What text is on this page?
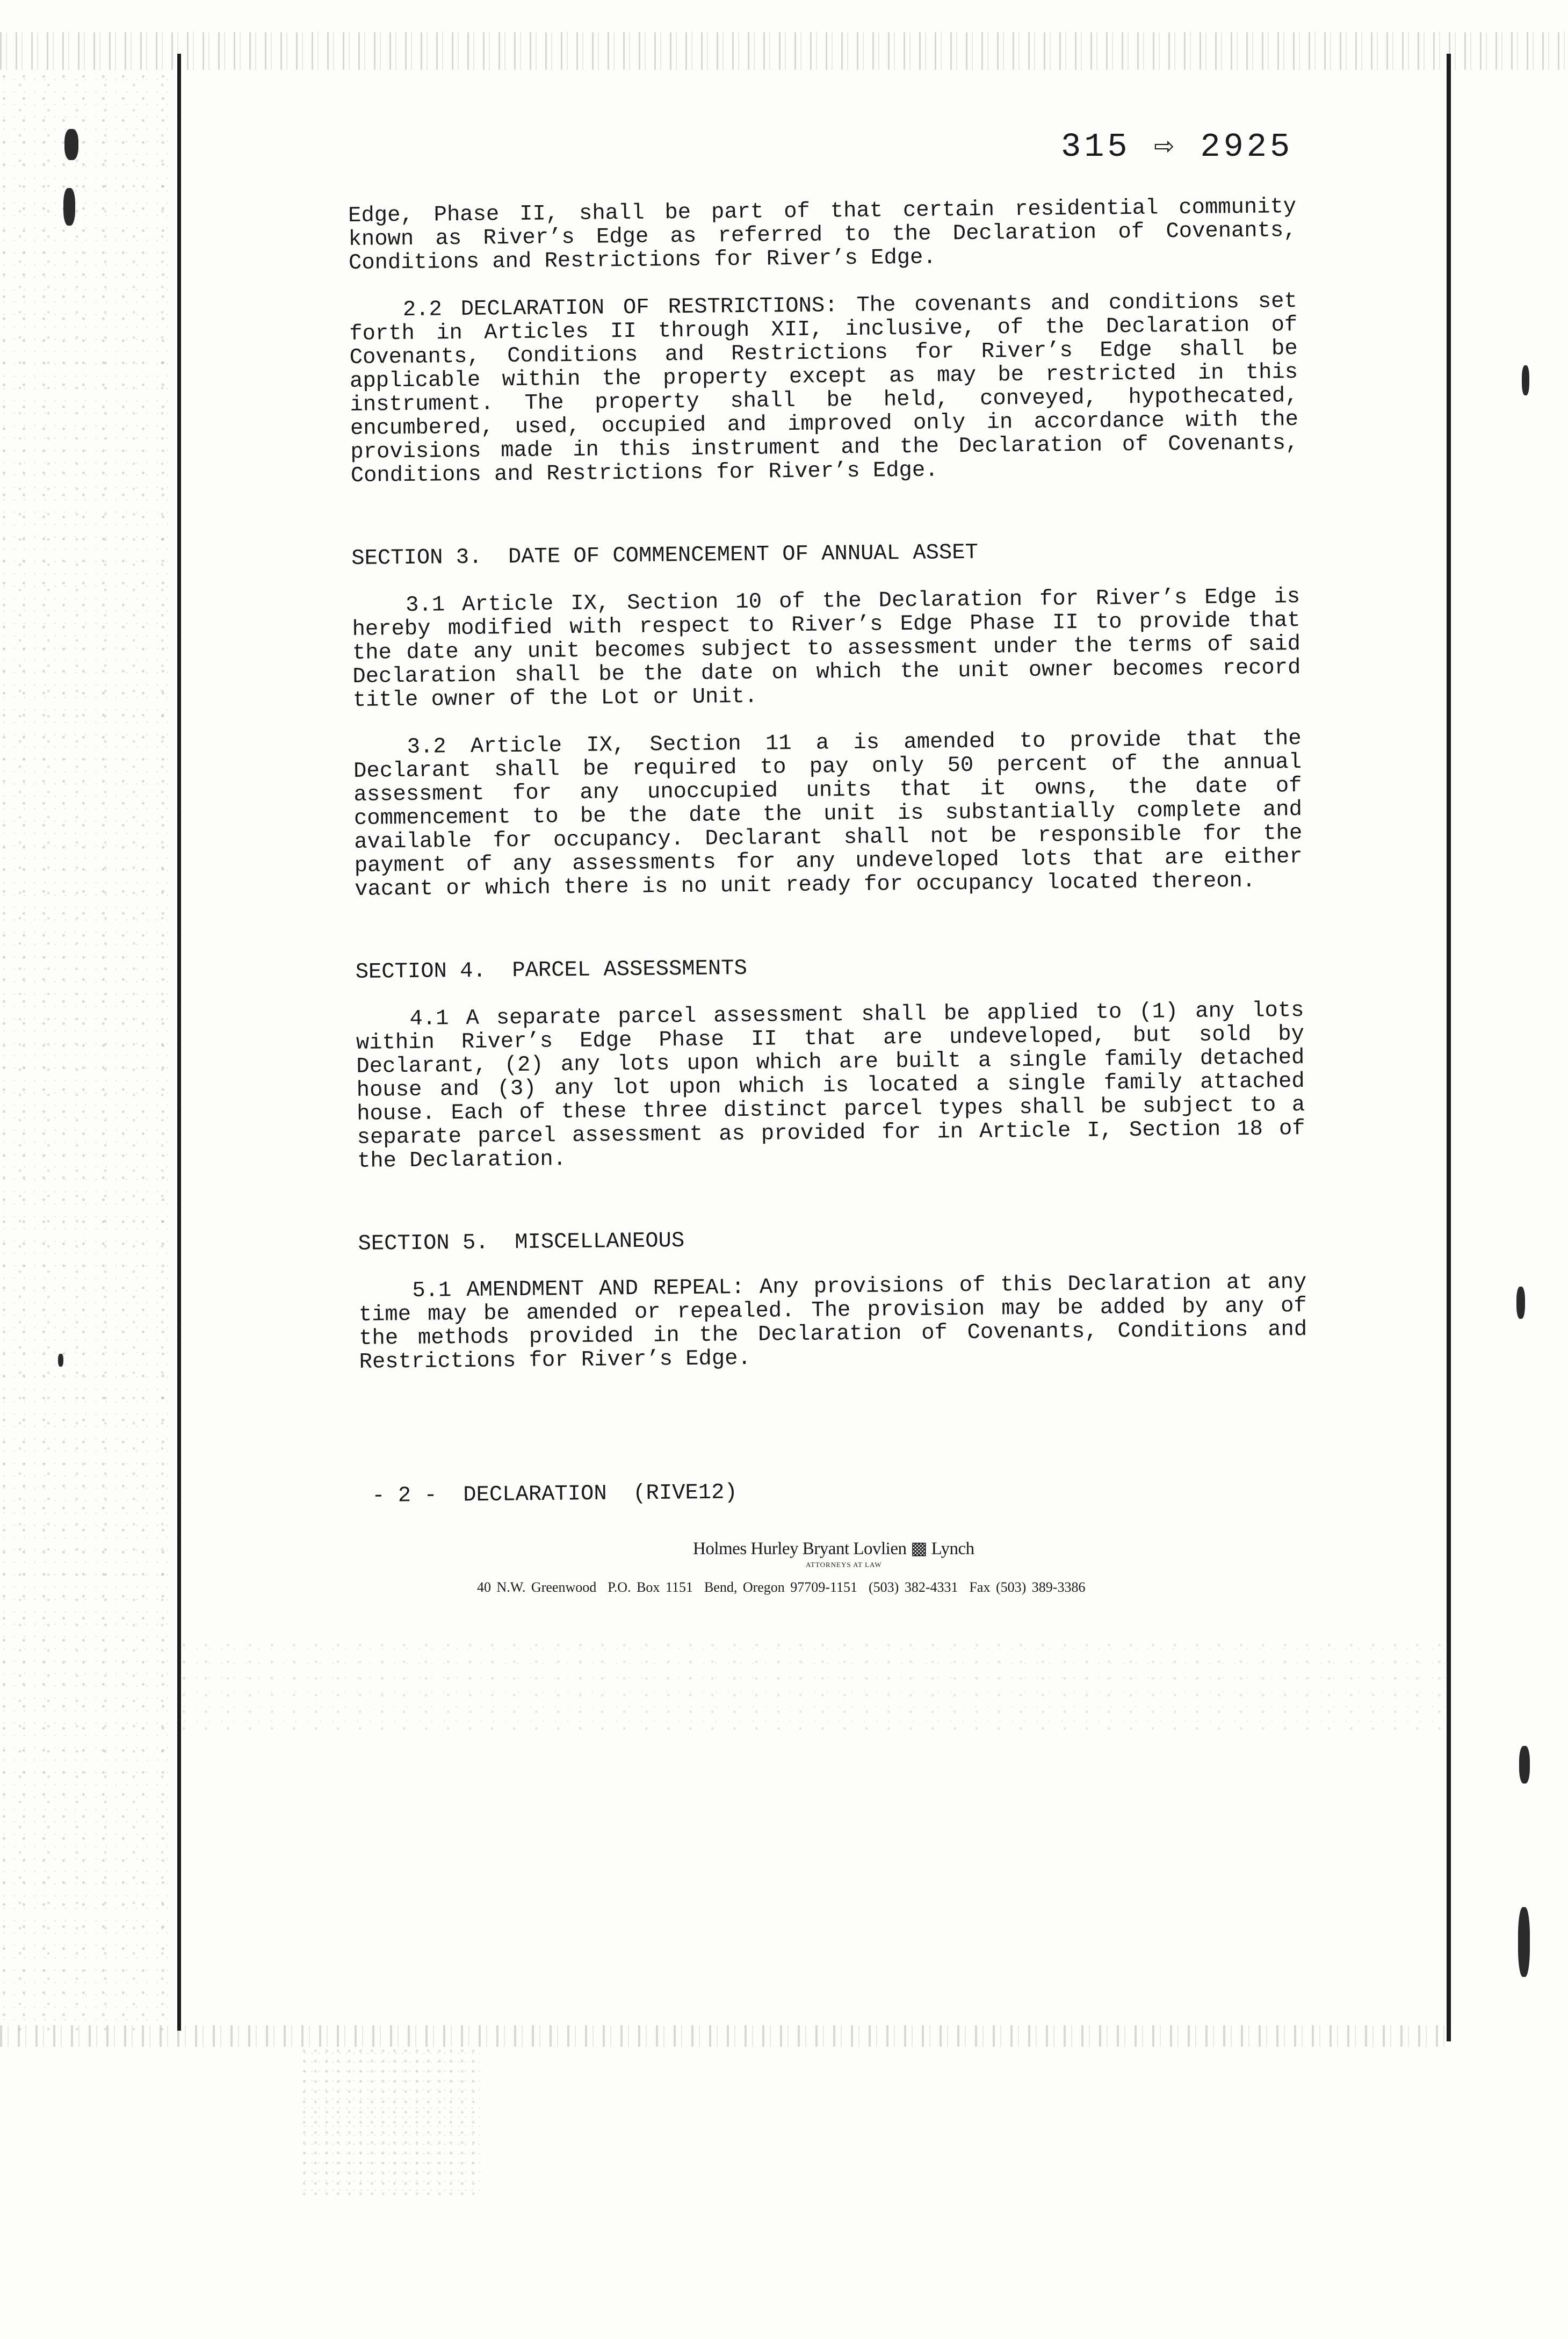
315 ⇨ 2925

Edge, Phase II, shall be part of that certain residential community known as River’s Edge as referred to the Declaration of Covenants, Conditions and Restrictions for River’s Edge.

2.2 DECLARATION OF RESTRICTIONS: The covenants and conditions set forth in Articles II through XII, inclusive, of the Declaration of Covenants, Conditions and Restrictions for River’s Edge shall be applicable within the property except as may be restricted in this instrument. The property shall be held, conveyed, hypothecated, encumbered, used, occupied and improved only in accordance with the provisions made in this instrument and the Declaration of Covenants, Conditions and Restrictions for River’s Edge.

SECTION 3.  DATE OF COMMENCEMENT OF ANNUAL ASSET

3.1 Article IX, Section 10 of the Declaration for River’s Edge is hereby modified with respect to River’s Edge Phase II to provide that the date any unit becomes subject to assessment under the terms of said Declaration shall be the date on which the unit owner becomes record title owner of the Lot or Unit.

3.2 Article IX, Section 11 a is amended to provide that the Declarant shall be required to pay only 50 percent of the annual assessment for any unoccupied units that it owns, the date of commencement to be the date the unit is substantially complete and available for occupancy. Declarant shall not be responsible for the payment of any assessments for any undeveloped lots that are either vacant or which there is no unit ready for occupancy located thereon.

SECTION 4.  PARCEL ASSESSMENTS

4.1 A separate parcel assessment shall be applied to (1) any lots within River’s Edge Phase II that are undeveloped, but sold by Declarant, (2) any lots upon which are built a single family detached house and (3) any lot upon which is located a single family attached house. Each of these three distinct parcel types shall be subject to a separate parcel assessment as provided for in Article I, Section 18 of the Declaration.

SECTION 5.  MISCELLANEOUS

5.1 AMENDMENT AND REPEAL: Any provisions of this Declaration at any time may be amended or repealed. The provision may be added by any of the methods provided in the Declaration of Covenants, Conditions and Restrictions for River’s Edge.

- 2 -  DECLARATION  (RIVE12)
Holmes Hurley Bryant Lovlien ▩ Lynch
ATTORNEYS AT LAW
40 N.W. Greenwood  P.O. Box 1151  Bend, Oregon 97709-1151  (503) 382-4331  Fax (503) 389-3386
